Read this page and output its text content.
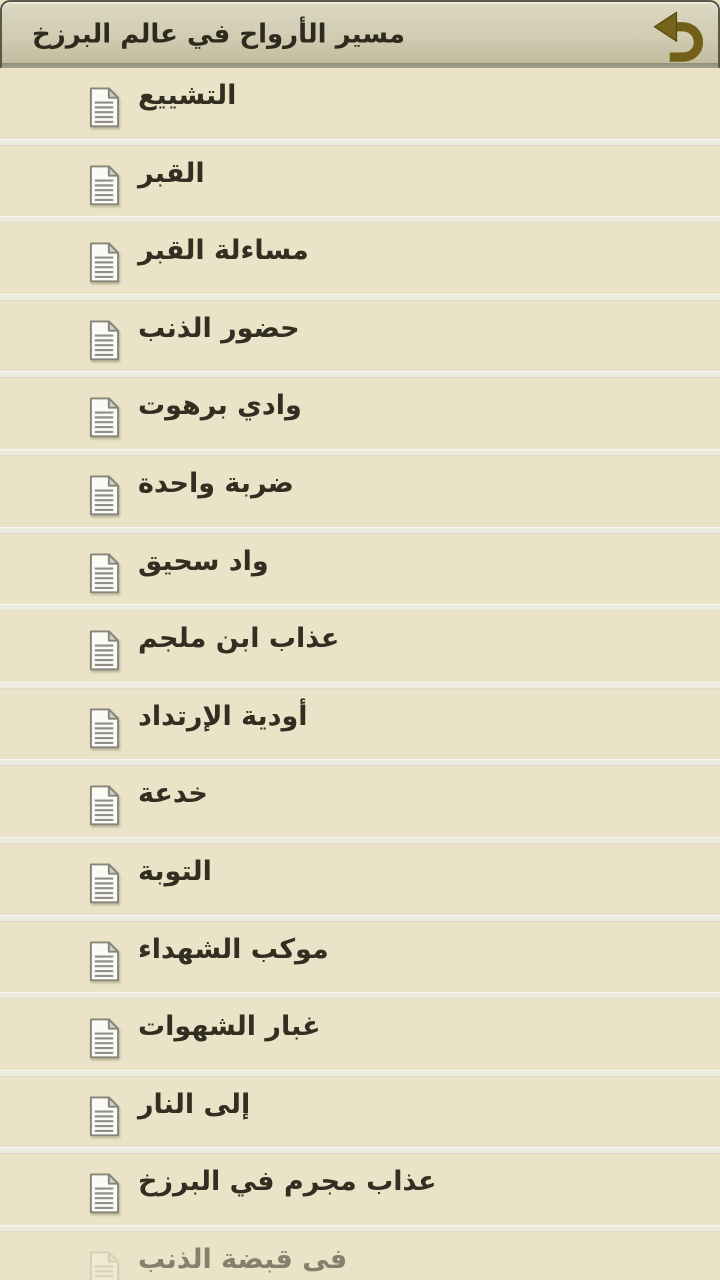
مسير الأرواح في عالم البرزخ
التشييع
القبر
مساءلة القبر
حضور الذنب
وادي برهوت
ضربة واحدة
واد سحيق
عذاب ابن ملجم
أودية الإرتداد
خدعة
التوبة
موكب الشهداء
غبار الشهوات
إلى النار
عذاب مجرم في البرزخ
فى قبضة الذنب
